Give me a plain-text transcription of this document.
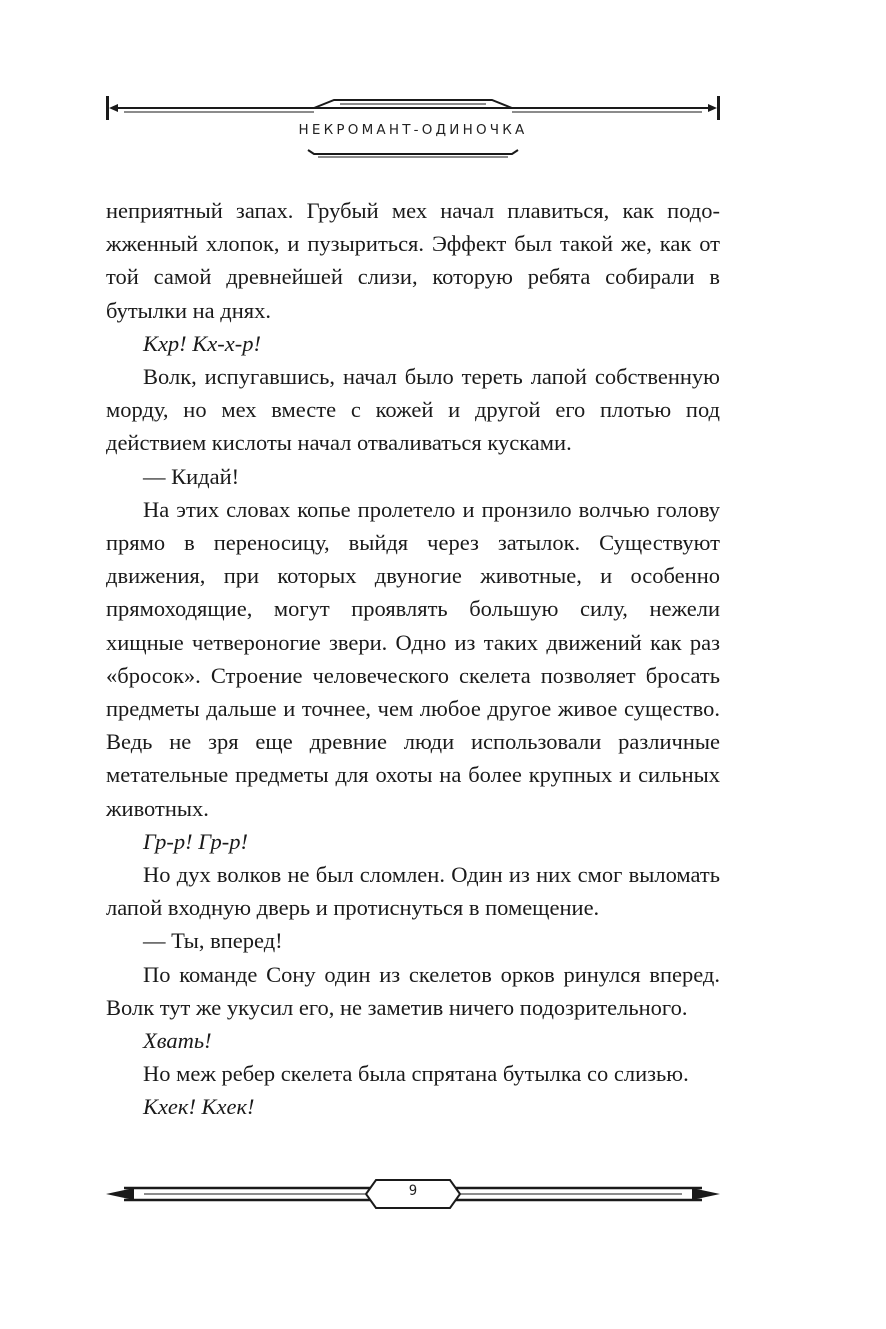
НЕКРОМАНТ-ОДИНОЧКА

неприятный запах. Грубый мех начал плавиться, как подожженный хлопок, и пузыриться. Эффект был такой же, как от той самой древнейшей слизи, которую ребята собирали в бутылки на днях.

Кхр! Кх-х-р!

Волк, испугавшись, начал было тереть лапой собственную морду, но мех вместе с кожей и другой его плотью под действием кислоты начал отваливаться кусками.

— Кидай!

На этих словах копье пролетело и пронзило волчью голову прямо в переносицу, выйдя через затылок. Существуют движения, при которых двуногие животные, и особенно прямоходящие, могут проявлять большую силу, нежели хищные четвероногие звери. Одно из таких движений как раз «бросок». Строение человеческого скелета позволяет бросать предметы дальше и точнее, чем любое другое живое существо. Ведь не зря еще древние люди использовали различные метательные предметы для охоты на более крупных и сильных животных.

Гр-р! Гр-р!

Но дух волков не был сломлен. Один из них смог выломать лапой входную дверь и протиснуться в помещение.

— Ты, вперед!

По команде Сону один из скелетов орков ринулся вперед. Волк тут же укусил его, не заметив ничего подозрительного.

Хвать!

Но меж ребер скелета была спрятана бутылка со слизью.

Кхек! Кхек!

9
